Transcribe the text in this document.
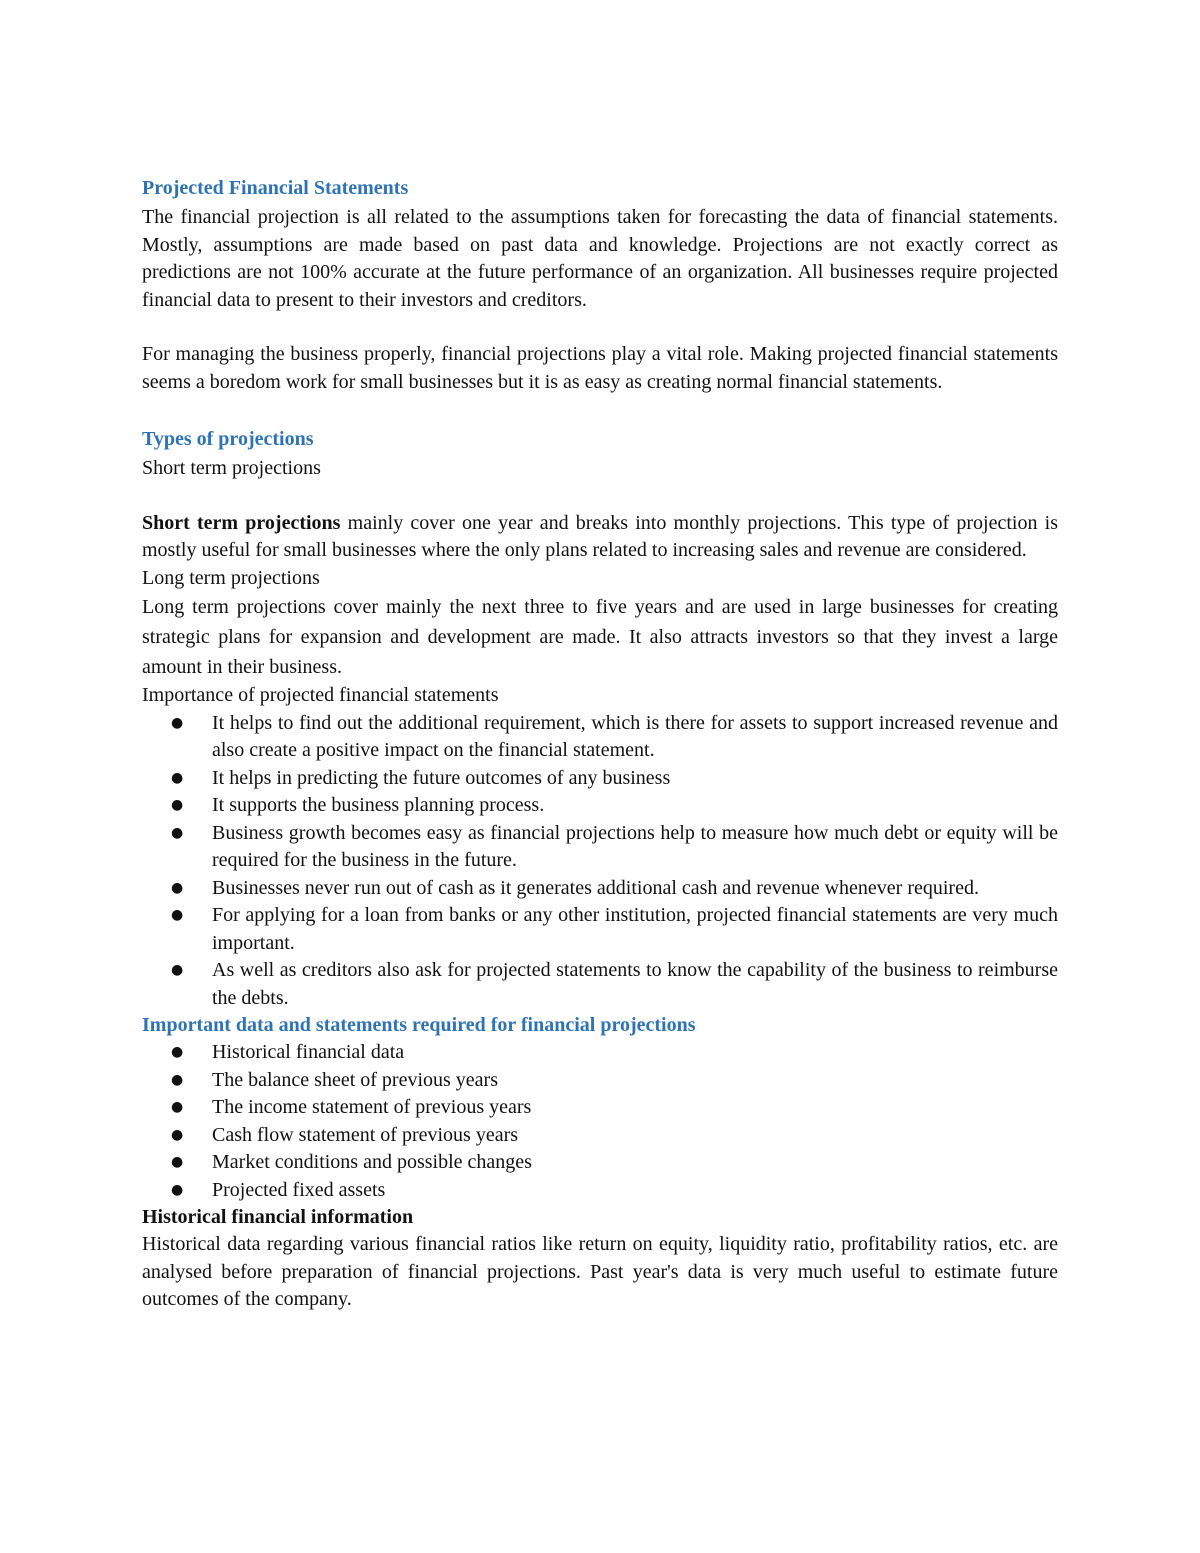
Projected Financial Statements

The financial projection is all related to the assumptions taken for forecasting the data of financial statements. Mostly, assumptions are made based on past data and knowledge. Projections are not exactly correct as predictions are not 100% accurate at the future performance of an organization. All businesses require projected financial data to present to their investors and creditors.

For managing the business properly, financial projections play a vital role. Making projected financial statements seems a boredom work for small businesses but it is as easy as creating normal financial statements.

Types of projections

Short term projections

Short term projections mainly cover one year and breaks into monthly projections. This type of projection is mostly useful for small businesses where the only plans related to increasing sales and revenue are considered.

Long term projections

Long term projections cover mainly the next three to five years and are used in large businesses for creating strategic plans for expansion and development are made. It also attracts investors so that they invest a large amount in their business.

Importance of projected financial statements

●	It helps to find out the additional requirement, which is there for assets to support increased revenue and also create a positive impact on the financial statement.
●	It helps in predicting the future outcomes of any business
●	It supports the business planning process.
●	Business growth becomes easy as financial projections help to measure how much debt or equity will be required for the business in the future.
●	Businesses never run out of cash as it generates additional cash and revenue whenever required.
●	For applying for a loan from banks or any other institution, projected financial statements are very much important.
●	As well as creditors also ask for projected statements to know the capability of the business to reimburse the debts.
Important data and statements required for financial projections
●	Historical financial data
●	The balance sheet of previous years
●	The income statement of previous years
●	Cash flow statement of previous years
●	Market conditions and possible changes
●	Projected fixed assets
Historical financial information

Historical data regarding various financial ratios like return on equity, liquidity ratio, profitability ratios, etc. are analysed before preparation of financial projections. Past year's data is very much useful to estimate future outcomes of the company.
